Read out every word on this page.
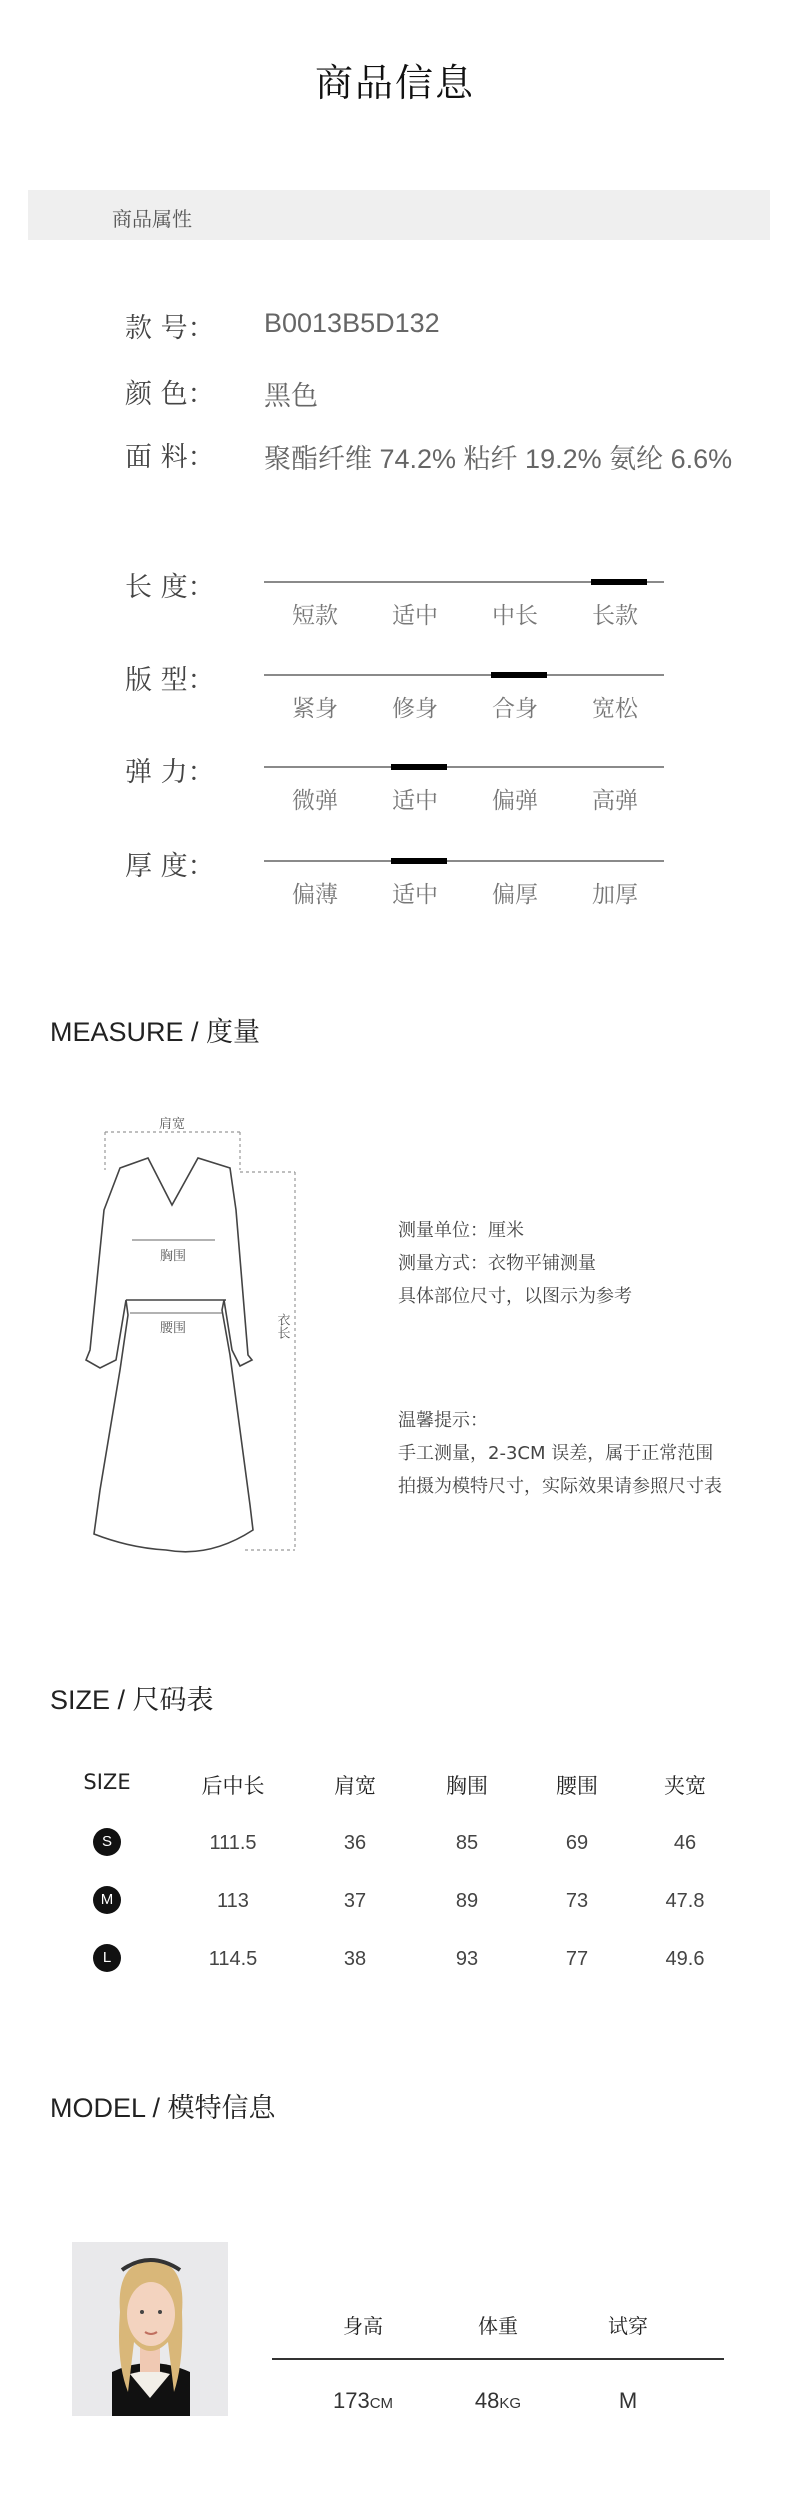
商品信息
商品属性
款 号： B0013B5D132
颜 色： 黑色
面 料： 聚酯纤维 74.2% 粘纤 19.2% 氨纶 6.6%
长 度：
短款	适中	中长	长款
版 型：
紧身	修身	合身	宽松
弹 力：
微弹	适中	偏弹	高弹
厚 度：
偏薄	适中	偏厚	加厚
MEASURE / 度量
肩宽
胸围
腰围	衣长
测量单位：厘米
测量方式：衣物平铺测量
具体部位尺寸，以图示为参考
温馨提示：
手工测量，2-3CM 误差，属于正常范围
拍摄为模特尺寸，实际效果请参照尺寸表
SIZE / 尺码表
SIZE	后中长	肩宽	胸围	腰围	夹宽
S	111.5	36	85	69	46
M	113	37	89	73	47.8
L	114.5	38	93	77	49.6
MODEL / 模特信息
身高	体重	试穿
173CM	48KG	M
